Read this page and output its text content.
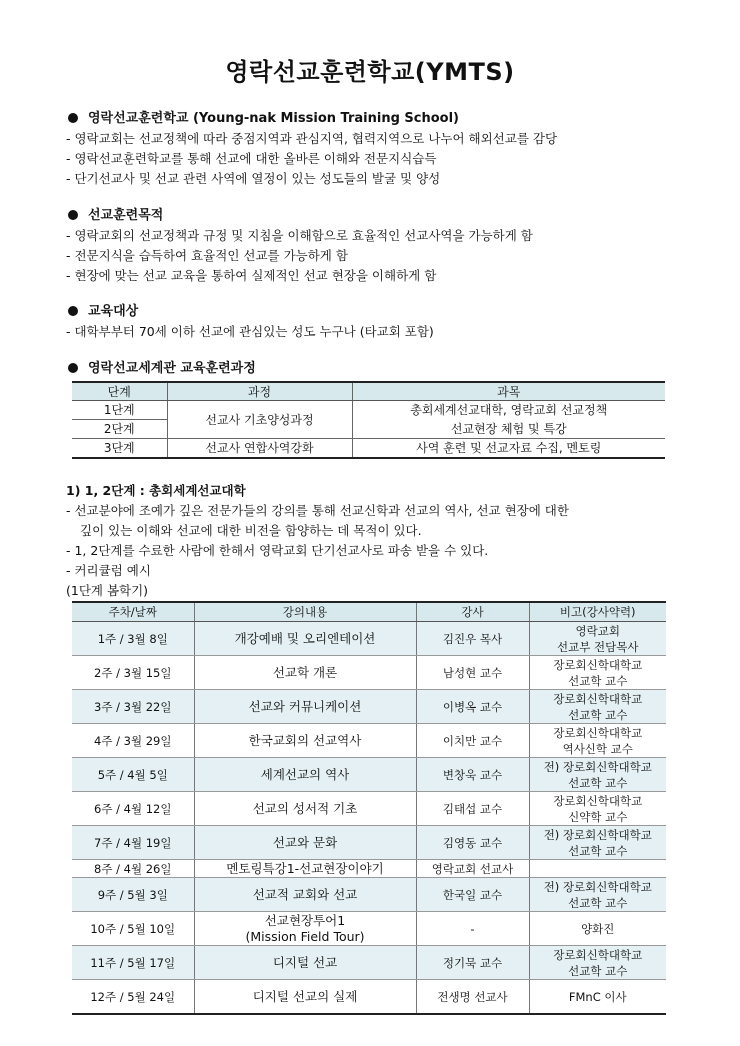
영락선교훈련학교(YMTS)
영락선교훈련학교 (Young-nak Mission Training School)
- 영락교회는 선교정책에 따라 중점지역과 관심지역, 협력지역으로 나누어 해외선교를 감당
- 영락선교훈련학교를 통해 선교에 대한 올바른 이해와 전문지식습득
- 단기선교사 및 선교 관련 사역에 열정이 있는 성도들의 발굴 및 양성
선교훈련목적
- 영락교회의 선교정책과 규정 및 지침을 이해함으로 효율적인 선교사역을 가능하게 함
- 전문지식을 습득하여 효율적인 선교를 가능하게 함
- 현장에 맞는 선교 교육을 통하여 실제적인 선교 현장을 이해하게 함
교육대상
- 대학부부터 70세 이하 선교에 관심있는 성도 누구나 (타교회 포함)
영락선교세계관 교육훈련과정
단계	과정	과목
1단계	선교사 기초양성과정	총회세계선교대학, 영락교회 선교정책
2단계		선교현장 체험 및 특강
3단계	선교사 연합사역강화	사역 훈련 및 선교자료 수집, 멘토링
1) 1, 2단계 : 총회세계선교대학
- 선교분야에 조예가 깊은 전문가들의 강의를 통해 선교신학과 선교의 역사, 선교 현장에 대한
깊이 있는 이해와 선교에 대한 비전을 함양하는 데 목적이 있다.
- 1, 2단계를 수료한 사람에 한해서 영락교회 단기선교사로 파송 받을 수 있다.
- 커리큘럼 예시
(1단계 봄학기)
주차/날짜	강의내용	강사	비고(강사약력)
1주 / 3월 8일	개강예배 및 오리엔테이션	김진우 목사	영락교회
선교부 전담목사

2주 / 3월 15일	선교학 개론	남성현 교수	장로회신학대학교
선교학 교수

3주 / 3월 22일	선교와 커뮤니케이션	이병옥 교수	장로회신학대학교
선교학 교수

4주 / 3월 29일	한국교회의 선교역사	이치만 교수	장로회신학대학교
역사신학 교수

5주 / 4월 5일	세계선교의 역사	변창욱 교수	전) 장로회신학대학교
선교학 교수

6주 / 4월 12일	선교의 성서적 기초	김태섭 교수	장로회신학대학교
신약학 교수

7주 / 4월 19일	선교와 문화	김영동 교수	전) 장로회신학대학교
선교학 교수

8주 / 4월 26일	멘토링특강1-선교현장이야기	영락교회 선교사	
9주 / 5월 3일	선교적 교회와 선교	한국일 교수	전) 장로회신학대학교
선교학 교수

10주 / 5월 10일	선교현장투어1
(Mission Field Tour)	-	양화진
11주 / 5월 17일	디지털 선교	정기묵 교수	장로회신학대학교
선교학 교수

12주 / 5월 24일	디지털 선교의 실제	전생명 선교사	FMnC 이사
